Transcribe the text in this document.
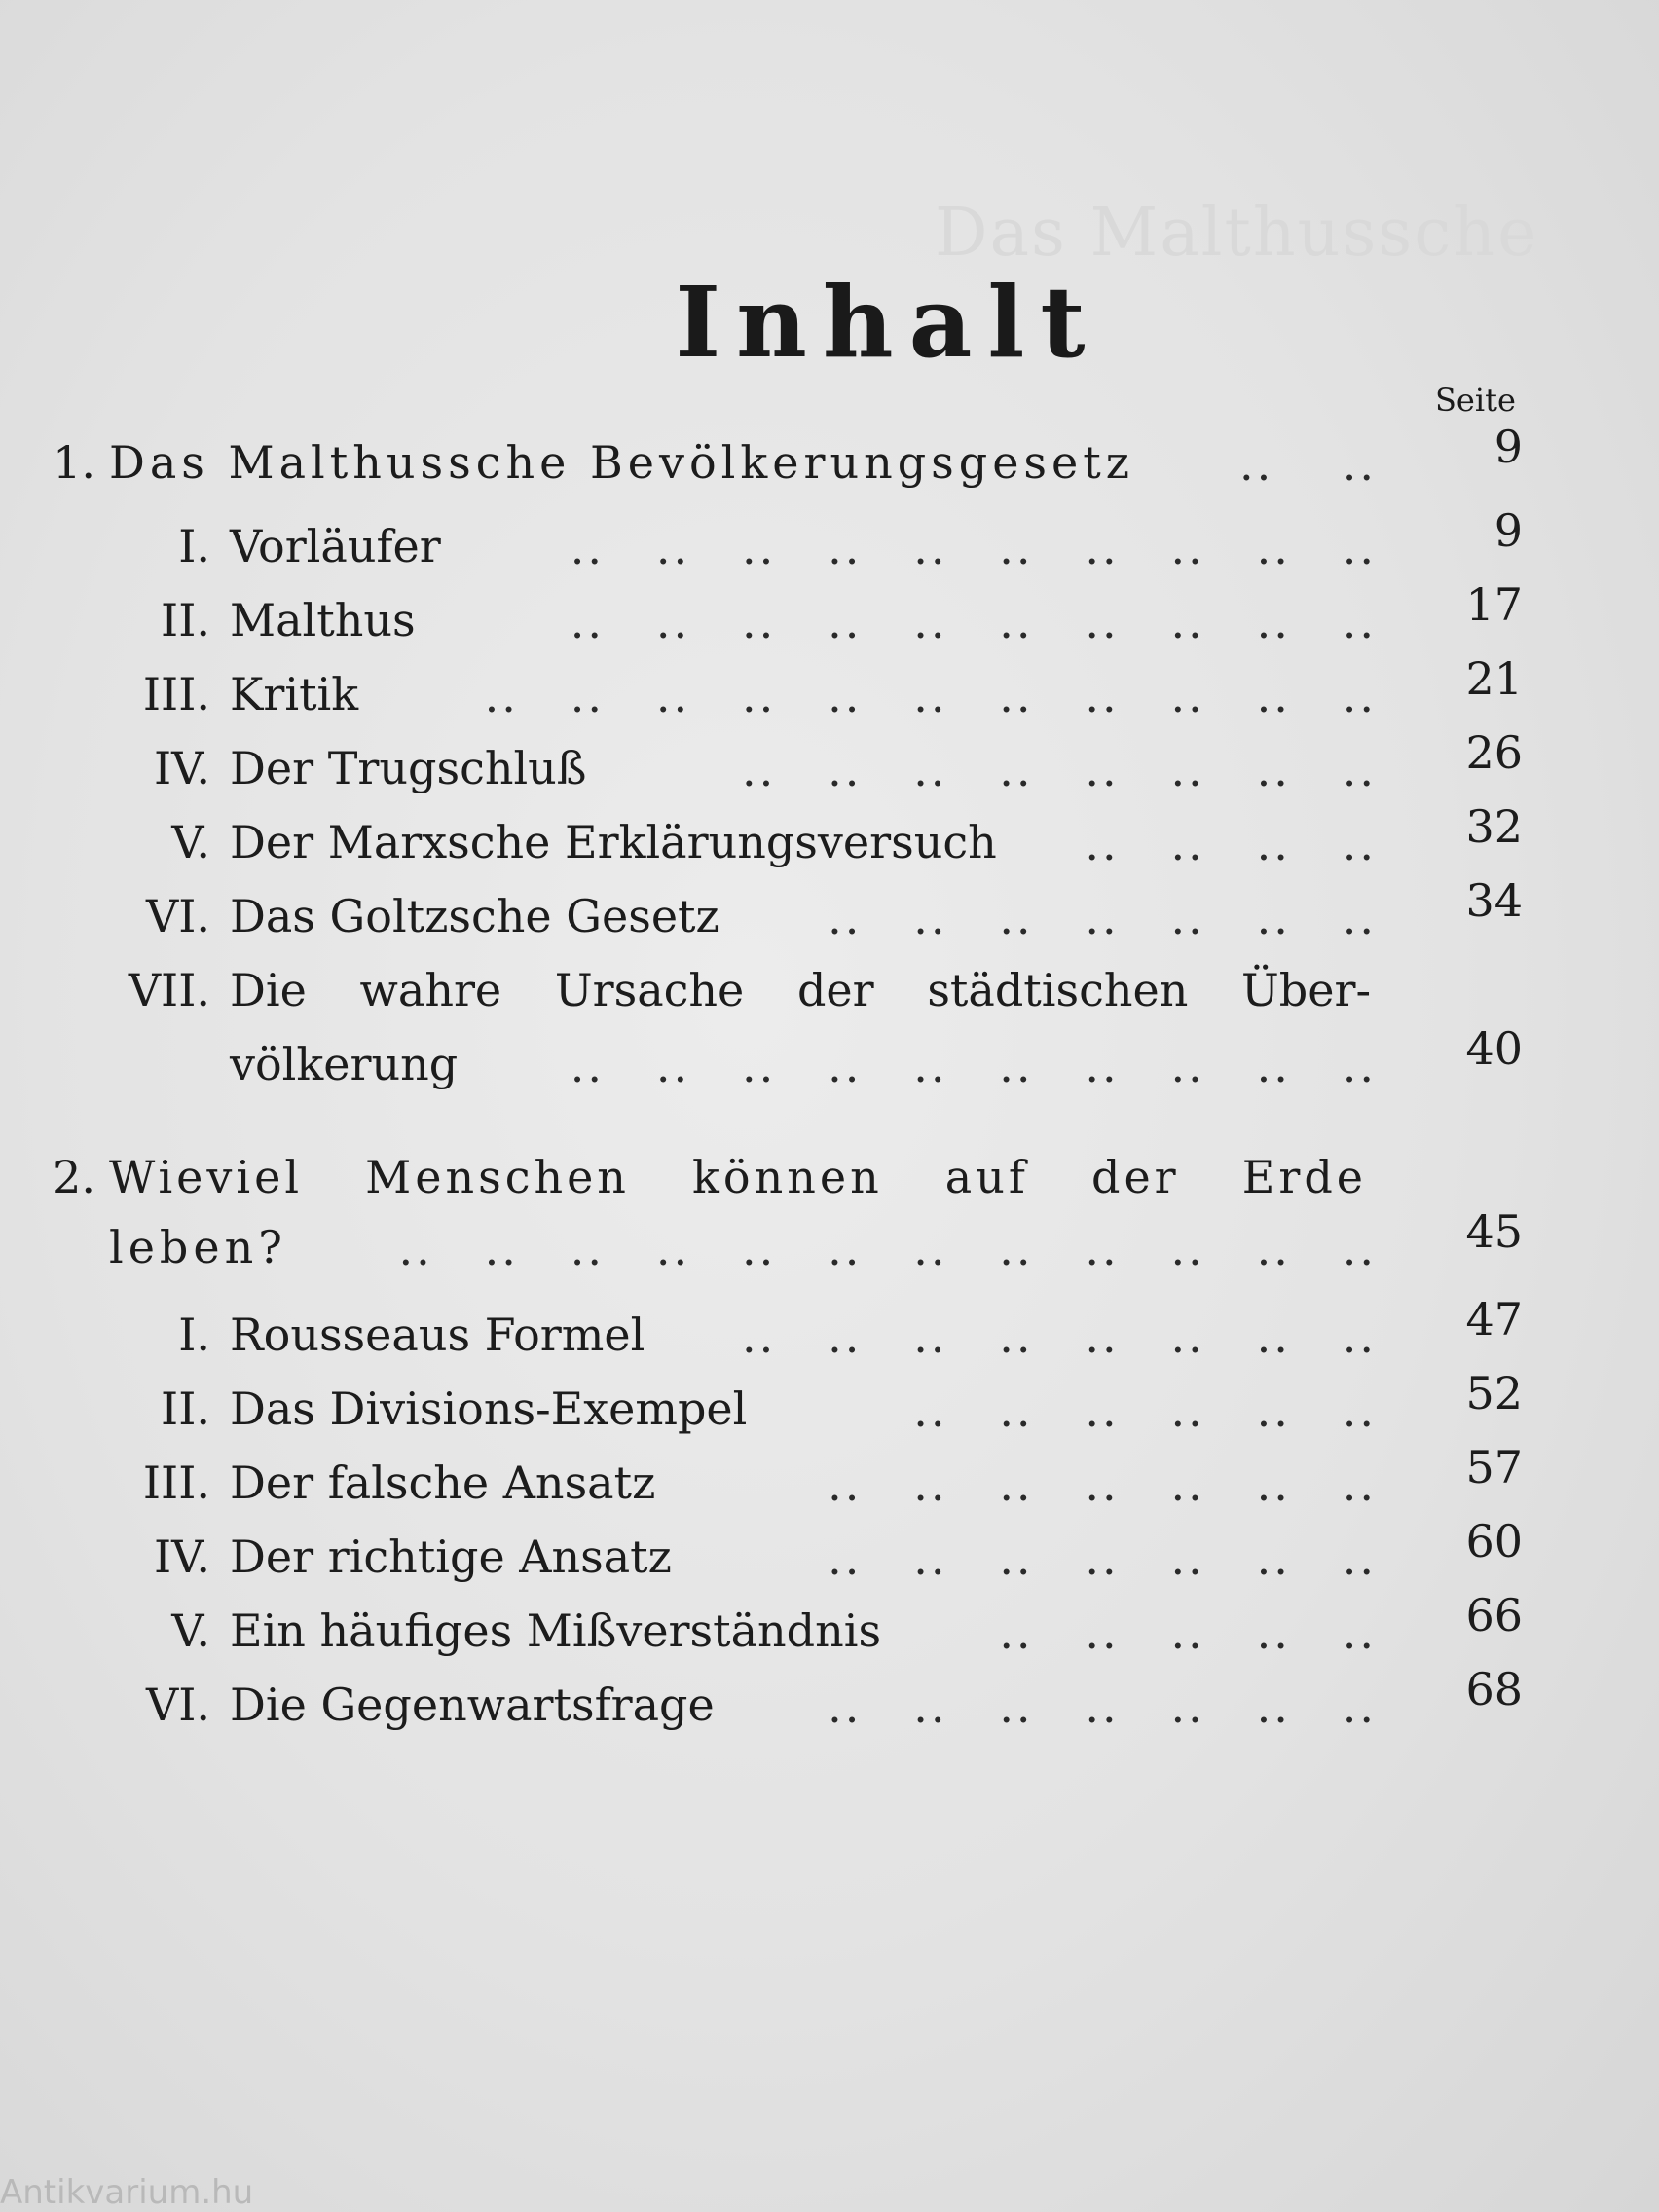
Das Malthussche
Inhalt
Seite
1. Das Malthussche Bevölkerungsgesetz ..    ..	9
I. Vorläufer	..   ..   ..   ..   ..   ..   ..   ..   ..   ..	9
II. Malthus	..   ..   ..   ..   ..   ..   ..   ..   ..   .. 17
III. Kritik	..   ..   ..   ..   ..   ..   ..   ..   ..   ..   .. 21
IV. Der Trugschluß	..   ..   ..   ..   ..   ..   ..   .. 26
V. Der Marxsche Erklärungsversuch ..   ..   ..   .. 32
VI. Das Goltzsche Gesetz ..   ..   ..   ..   ..   ..   .. 34
VII. Die wahre Ursache der städtischen Über-
völkerung	..   ..   ..   ..   ..   ..   ..   ..   ..   .. 40
2. Wieviel Menschen können auf der Erde
leben? ..   ..   ..   ..   ..   ..   ..   ..   ..   ..   ..   .. 45
I. Rousseaus Formel ..   ..   ..   ..   ..   ..   ..   .. 47
II. Das Divisions-Exempel	..   ..   ..   ..   ..   .. 52
III. Der falsche Ansatz	..   ..   ..   ..   ..   ..   .. 57
IV. Der richtige Ansatz	..   ..   ..   ..   ..   ..   .. 60
V. Ein häufiges Mißverständnis	..   ..   ..   ..   .. 66
VI. Die Gegenwartsfrage	..   ..   ..   ..   ..   ..   .. 68
Antikvarium.hu
